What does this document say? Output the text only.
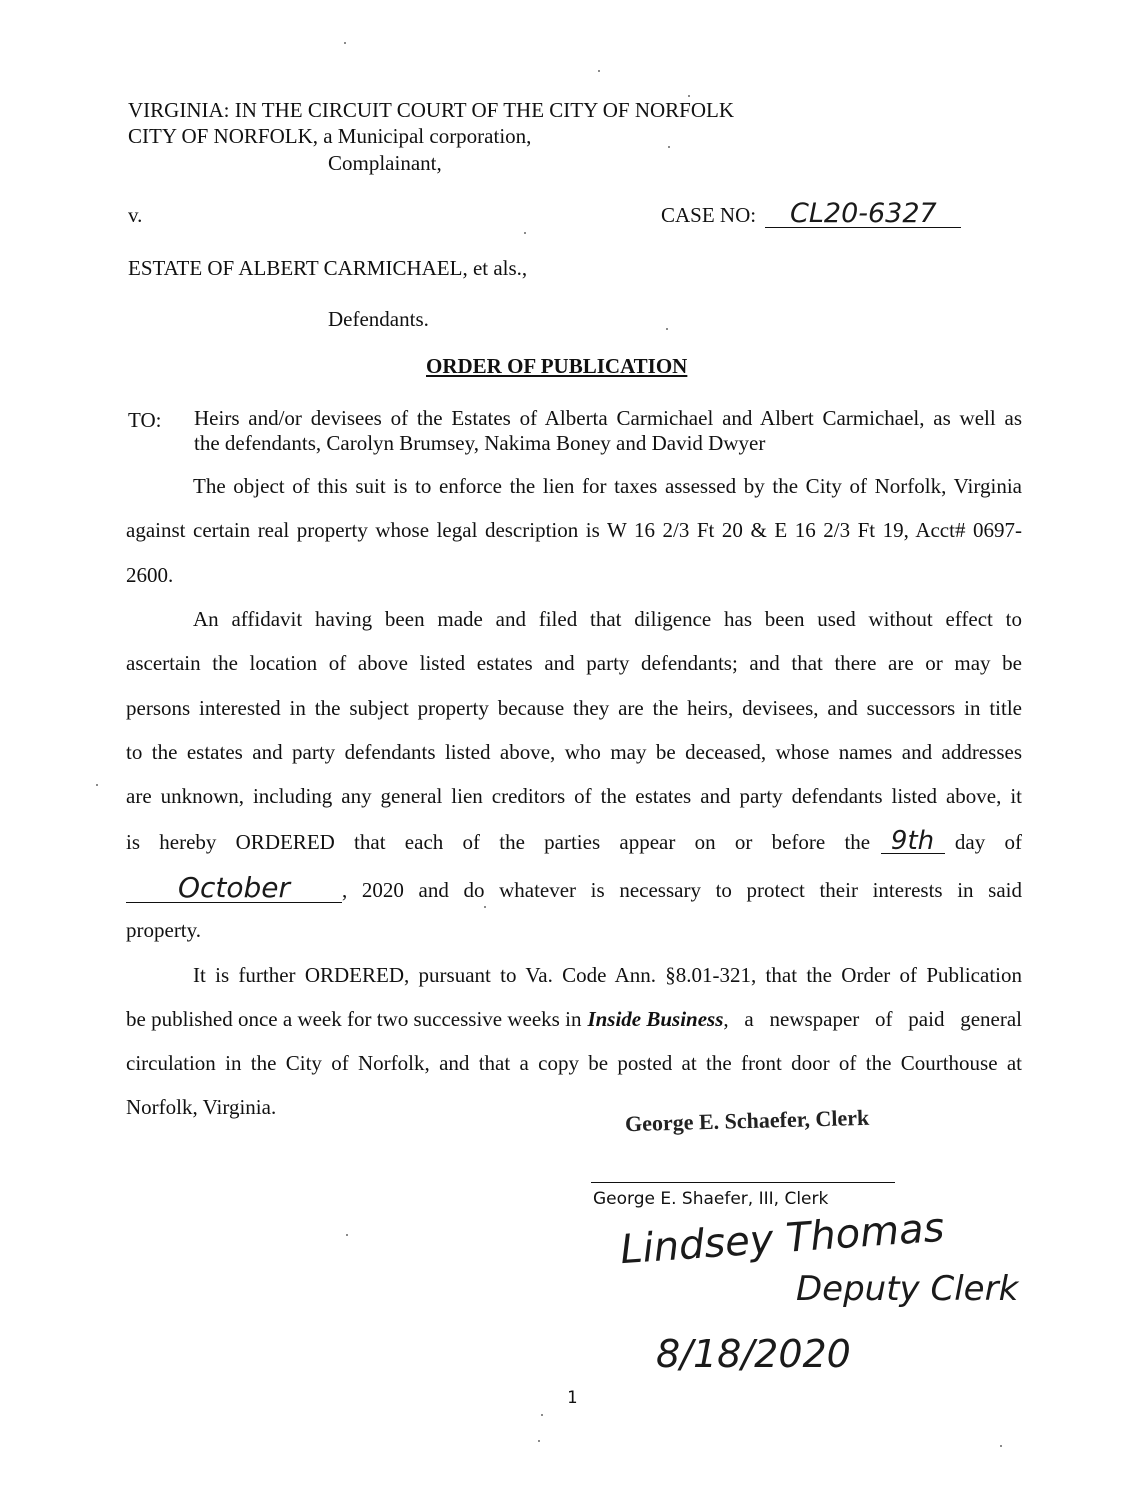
VIRGINIA: IN THE CIRCUIT COURT OF THE CITY OF NORFOLK
CITY OF NORFOLK, a Municipal corporation,
Complainant,
v.	CASE NO: CL20-6327
ESTATE OF ALBERT CARMICHAEL, et als.,
Defendants.
ORDER OF PUBLICATION
TO: Heirs and/or devisees of the Estates of Alberta Carmichael and Albert Carmichael, as well as
the defendants, Carolyn Brumsey, Nakima Boney and David Dwyer
The object of this suit is to enforce the lien for taxes assessed by the City of Norfolk, Virginia
against certain real property whose legal description is W 16 2/3 Ft 20 & E 16 2/3 Ft 19, Acct# 0697-
2600.
An affidavit having been made and filed that diligence has been used without effect to
ascertain the location of above listed estates and party defendants; and that there are or may be
persons interested in the subject property because they are the heirs, devisees, and successors in title
to the estates and party defendants listed above, who may be deceased, whose names and addresses
are unknown, including any general lien creditors of the estates and party defendants listed above, it
is hereby ORDERED that each of the parties appear on or before the 9th day of
October	, 2020 and do whatever is necessary to protect their interests in said
property.
It is further ORDERED, pursuant to Va. Code Ann. §8.01-321, that the Order of Publication
be published once a week for two successive weeks in Inside Business , a newspaper of paid general
circulation in the City of Norfolk, and that a copy be posted at the front door of the Courthouse at
Norfolk, Virginia.	George E. Schaefer, Clerk
George E. Shaefer, III, Clerk
Lindsey Thomas
Deputy Clerk
8/18/2020
1
